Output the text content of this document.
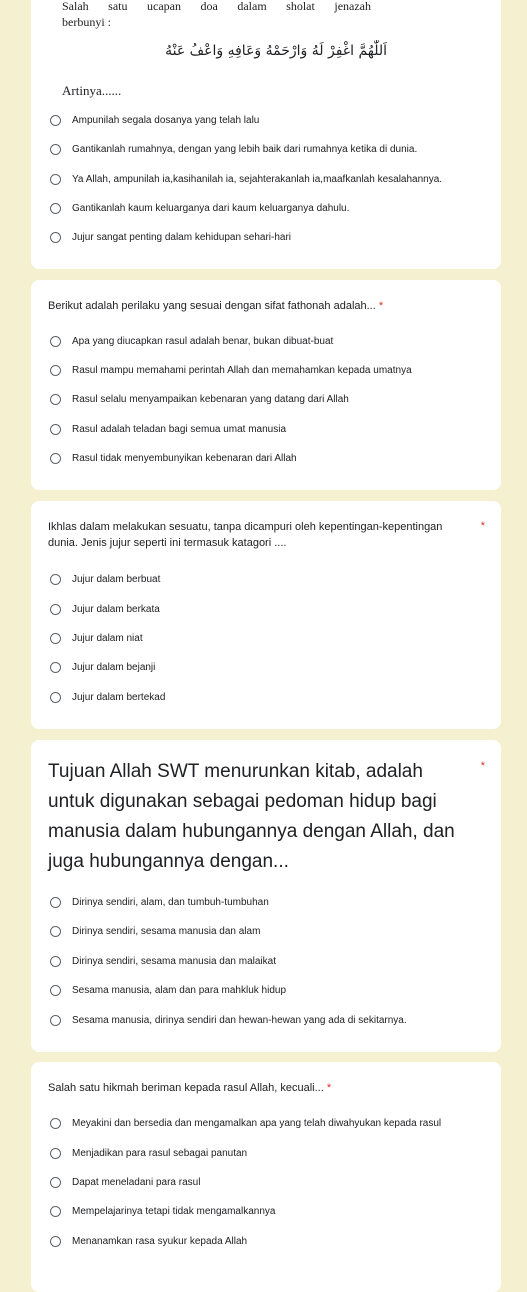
Salah satu ucapan doa dalam sholat jenazah
berbunyi :
اَللّٰهُمَّ اغْفِرْ لَهُ وَارْحَمْهُ وَعَافِهِ وَاعْفُ عَنْهُ
Artinya......
Ampunilah segala dosanya yang telah lalu
Gantikanlah rumahnya, dengan yang lebih baik dari rumahnya ketika di dunia.
Ya Allah, ampunilah ia,kasihanilah ia, sejahterakanlah ia,maafkanlah kesalahannya.
Gantikanlah kaum keluarganya dari kaum keluarganya dahulu.
Jujur sangat penting dalam kehidupan sehari-hari
Berikut adalah perilaku yang sesuai dengan sifat fathonah adalah... *
Apa yang diucapkan rasul adalah benar, bukan dibuat-buat
Rasul mampu memahami perintah Allah dan memahamkan kepada umatnya
Rasul selalu menyampaikan kebenaran yang datang dari Allah
Rasul adalah teladan bagi semua umat manusia
Rasul tidak menyembunyikan kebenaran dari Allah
Ikhlas dalam melakukan sesuatu, tanpa dicampuri oleh kepentingan-kepentingan dunia. Jenis jujur seperti ini termasuk katagori ....
*
Jujur dalam berbuat
Jujur dalam berkata
Jujur dalam niat
Jujur dalam bejanji
Jujur dalam bertekad
Tujuan Allah SWT menurunkan kitab, adalah untuk digunakan sebagai pedoman hidup bagi manusia dalam hubungannya dengan Allah, dan juga hubungannya dengan...
*
Dirinya sendiri, alam, dan tumbuh-tumbuhan
Dirinya sendiri, sesama manusia dan alam
Dirinya sendiri, sesama manusia dan malaikat
Sesama manusia, alam dan para mahkluk hidup
Sesama manusia, dirinya sendiri dan hewan-hewan yang ada di sekitarnya.
Salah satu hikmah beriman kepada rasul Allah, kecuali... *
Meyakini dan bersedia dan mengamalkan apa yang telah diwahyukan kepada rasul
Menjadikan para rasul sebagai panutan
Dapat meneladani para rasul
Mempelajarinya tetapi tidak mengamalkannya
Menanamkan rasa syukur kepada Allah
